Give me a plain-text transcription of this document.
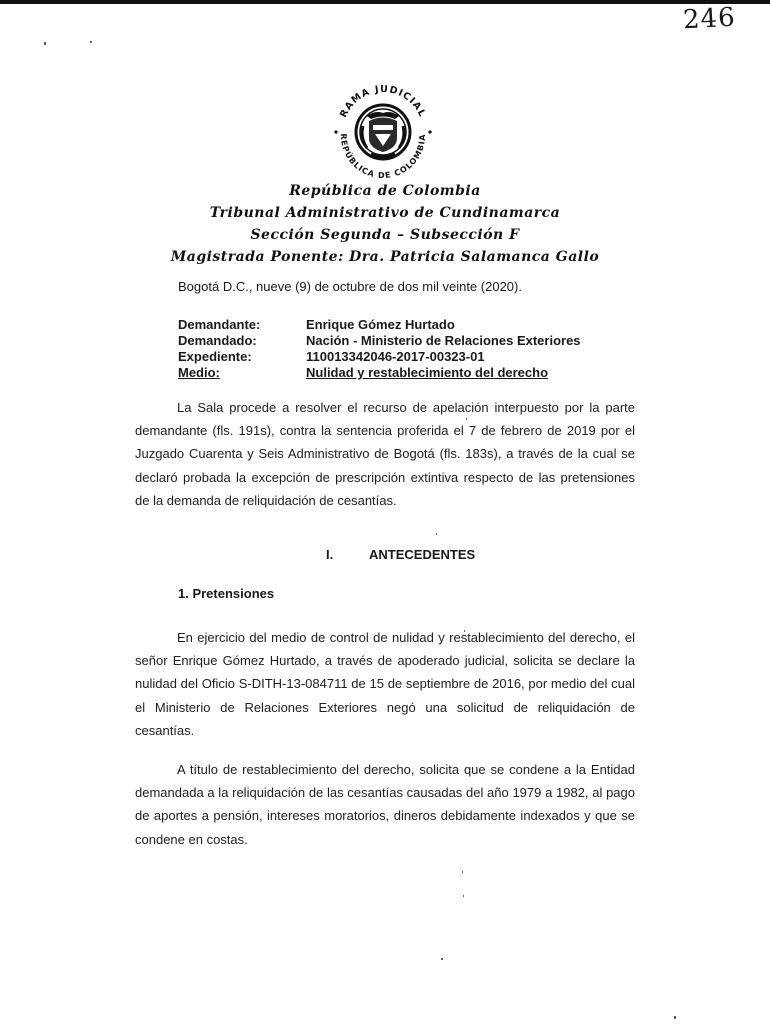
246
RAMA JUDICIAL
REPÚBLICA DE COLOMBIA
República de Colombia
Tribunal Administrativo de Cundinamarca
Sección Segunda – Subsección F
Magistrada Ponente: Dra. Patricia Salamanca Gallo
Bogotá D.C., nueve (9) de octubre de dos mil veinte (2020).
Demandante:	Enrique Gómez Hurtado
Demandado:	Nación - Ministerio de Relaciones Exteriores
Expediente:	110013342046-2017-00323-01
Medio:	Nulidad y restablecimiento del derecho

La Sala procede a resolver el recurso de apelación interpuesto por la parte demandante (fls. 191s), contra la sentencia proferida el 7 de febrero de 2019 por el Juzgado Cuarenta y Seis Administrativo de Bogotá (fls. 183s), a través de la cual se declaró probada la excepción de prescripción extintiva respecto de las pretensiones de la demanda de reliquidación de cesantías.

I.	ANTECEDENTES
1. Pretensiones

En ejercicio del medio de control de nulidad y restablecimiento del derecho, el señor Enrique Gómez Hurtado, a través de apoderado judicial, solicita se declare la nulidad del Oficio S-DITH-13-084711 de 15 de septiembre de 2016, por medio del cual el Ministerio de Relaciones Exteriores negó una solicitud de reliquidación de cesantías.

A título de restablecimiento del derecho, solicita que se condene a la Entidad demandada a la reliquidación de las cesantías causadas del año 1979 a 1982, al pago de aportes a pensión, intereses moratorios, dineros debidamente indexados y que se condene en costas.
